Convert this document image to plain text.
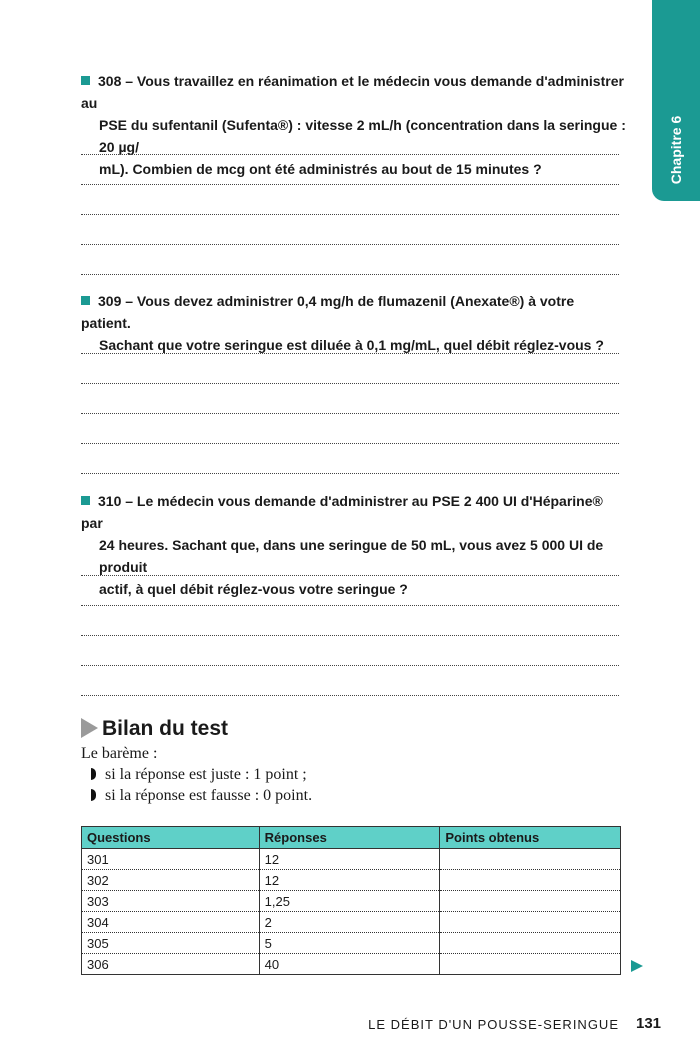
Chapitre 6
308 – Vous travaillez en réanimation et le médecin vous demande d'administrer au
PSE du sufentanil (Sufenta®) : vitesse 2 mL/h (concentration dans la seringue : 20 µg/
mL). Combien de mcg ont été administrés au bout de 15 minutes ?
309 – Vous devez administrer 0,4 mg/h de flumazenil (Anexate®) à votre patient.
Sachant que votre seringue est diluée à 0,1 mg/mL, quel débit réglez-vous ?
310 – Le médecin vous demande d'administrer au PSE 2 400 UI d'Héparine® par
24 heures. Sachant que, dans une seringue de 50 mL, vous avez 5 000 UI de produit
actif, à quel débit réglez-vous votre seringue ?
Bilan du test
Le barème :
si la réponse est juste : 1 point ;
si la réponse est fausse : 0 point.
Questions	Réponses	Points obtenus
301	12	
302	12	
303	1,25	
304	2	
305	5	
306	40	
LE DÉBIT D'UN POUSSE-SERINGUE 131
